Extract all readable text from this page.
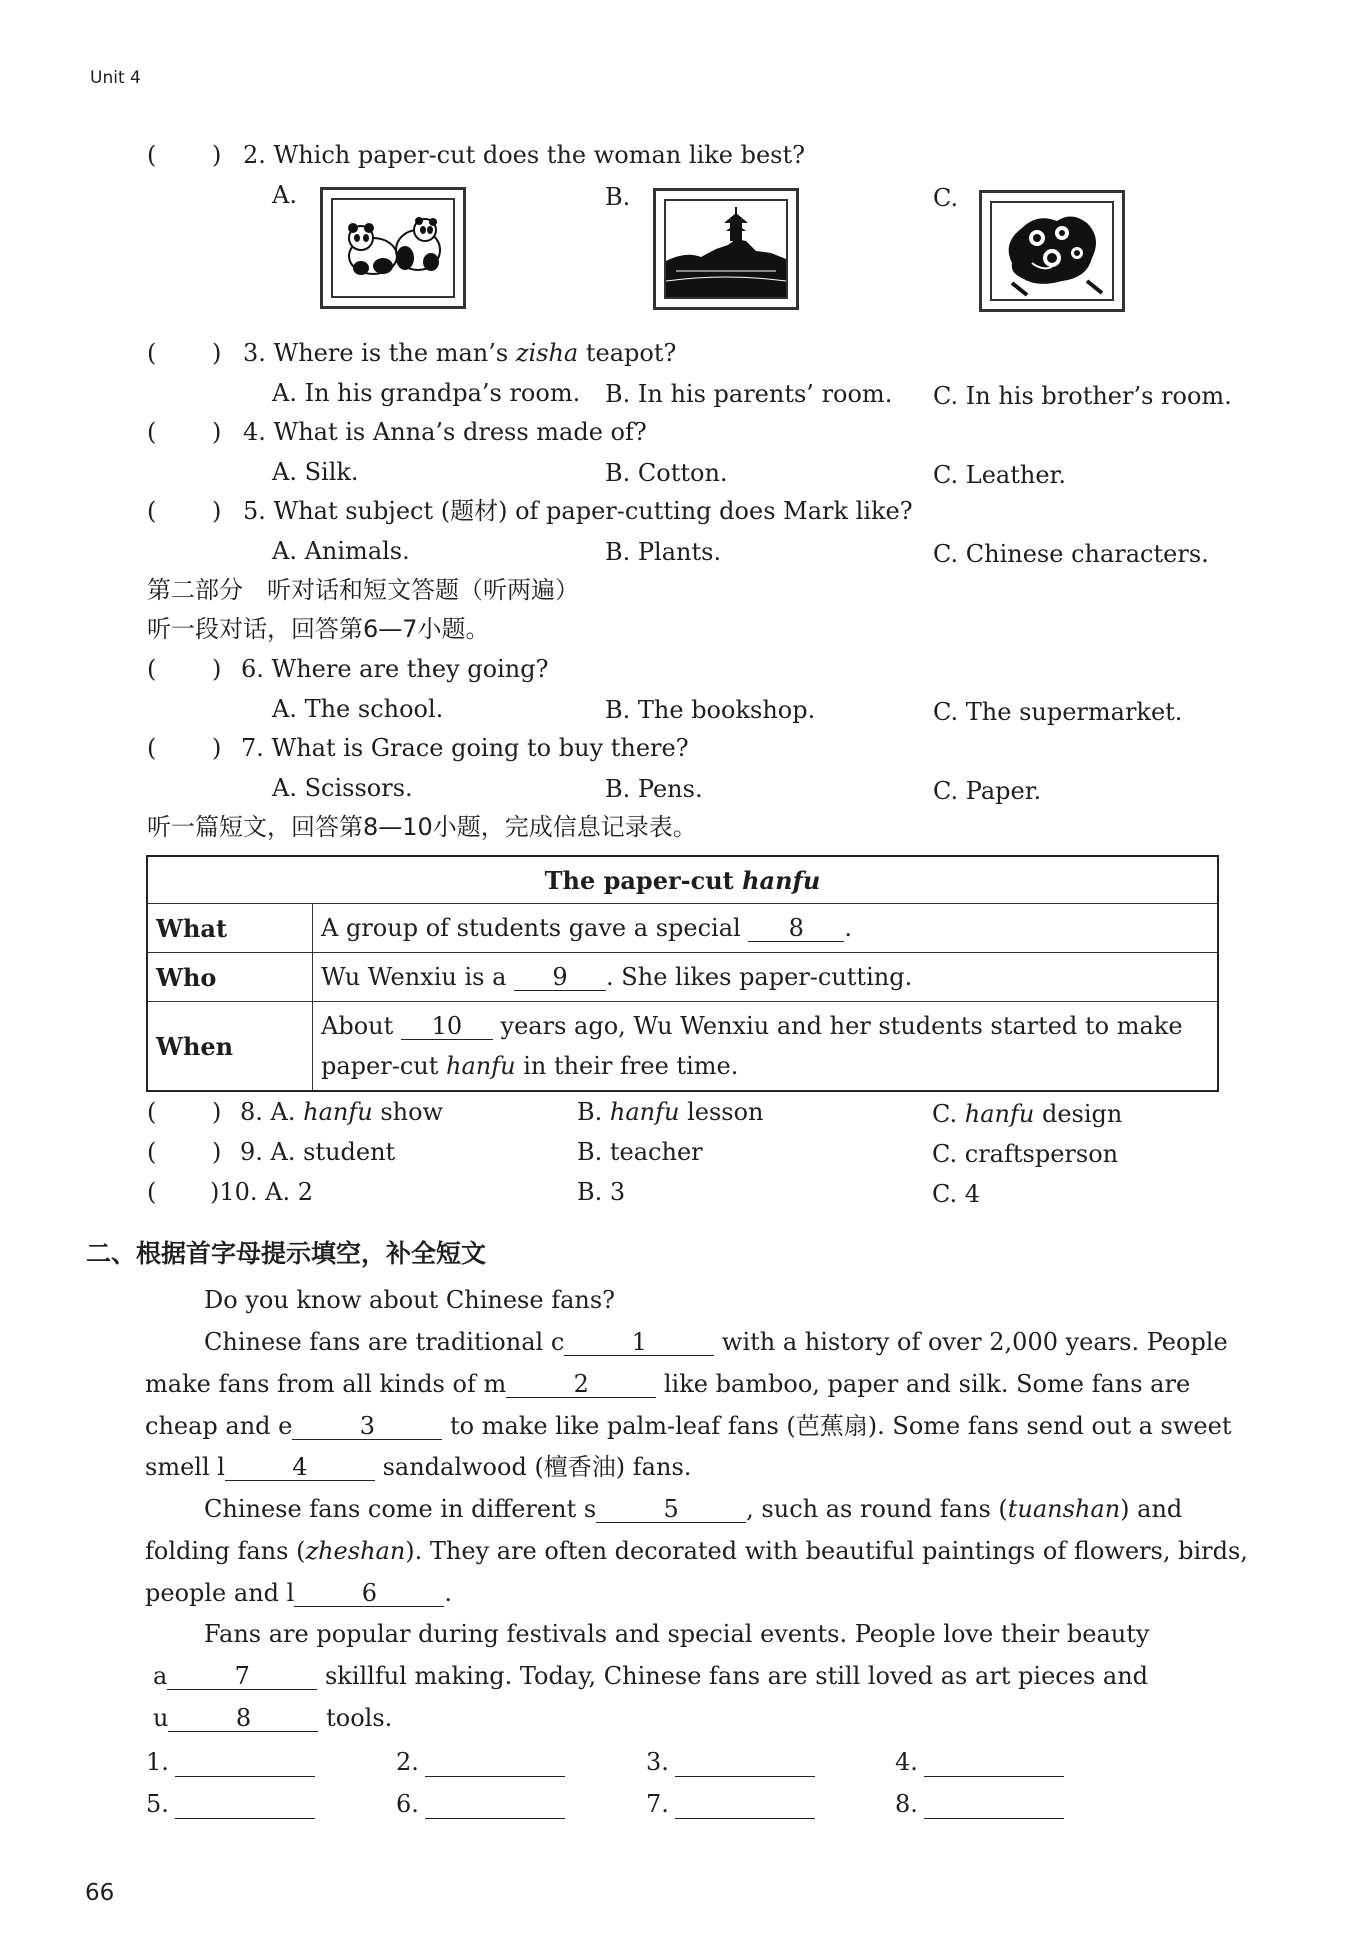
Unit 4
( ) 2. Which paper-cut does the woman like best?
A.	B.	C.
( ) 3. Where is the man’s zisha teapot?
A. In his grandpa’s room. B. In his parents’ room. C. In his brother’s room.
( ) 4. What is Anna’s dress made of?
A. Silk.	B. Cotton.	C. Leather.
( ) 5. What subject (题材) of paper-cutting does Mark like?
A. Animals.	B. Plants.	C. Chinese characters.
第二部分　听对话和短文答题（听两遍）
听一段对话，回答第6—7小题。
( ) 6. Where are they going?
A. The school.	B. The bookshop.	C. The supermarket.
( ) 7. What is Grace going to buy there?
A. Scissors.	B. Pens.	C. Paper.
听一篇短文，回答第8—10小题，完成信息记录表。
The paper-cut hanfu	
What	A group of students gave a special 8 .
Who	Wu Wenxiu is a 9 . She likes paper-cutting.
When	About 10 years ago, Wu Wenxiu and her students started to make
paper-cut hanfu in their free time.
( ) 8. A. hanfu show	B. hanfu lesson	C. hanfu design
( ) 9. A. student	B. teacher	C. craftsperson
( )10. A. 2	B. 3	C. 4
二、根据首字母提示填空，补全短文
Do you know about Chinese fans?
Chinese fans are traditional c	1	with a history of over 2,000 years. People
make fans from all kinds of m	2	like bamboo, paper and silk. Some fans are
cheap and e	3	to make like palm-leaf fans (芭蕉扇). Some fans send out a sweet
smell l	4	sandalwood (檀香油) fans.
Chinese fans come in different s	5	, such as round fans (tuanshan) and
folding fans (zheshan). They are often decorated with beautiful paintings of flowers, birds,
people and l	6	.
Fans are popular during festivals and special events. People love their beauty
a	7	skillful making. Today, Chinese fans are still loved as art pieces and
u	8	tools.
1.	2.	3.	4.
5.	6.	7.	8.
66
